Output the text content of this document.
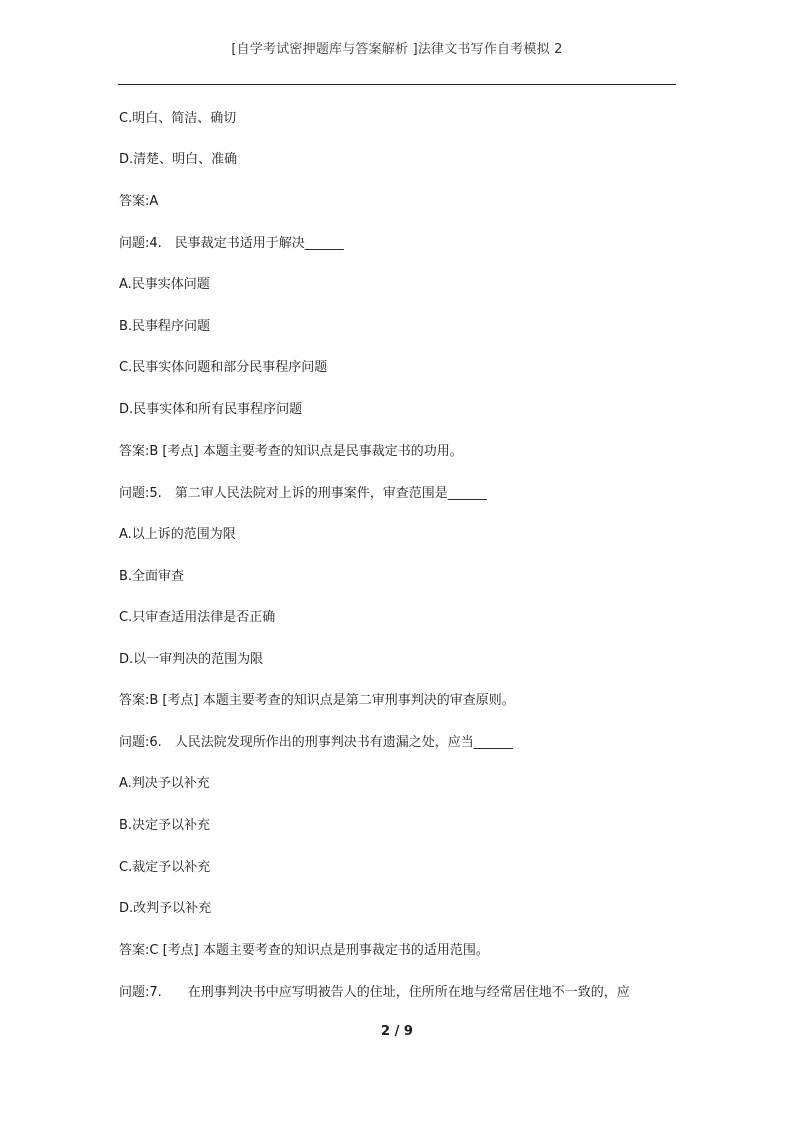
[自学考试密押题库与答案解析 ]法律文书写作自考模拟 2
C.明白、简洁、确切
D.清楚、明白、准确
答案:A
问题:4.　民事裁定书适用于解决______
A.民事实体问题
B.民事程序问题
C.民事实体问题和部分民事程序问题
D.民事实体和所有民事程序问题
答案:B [考点] 本题主要考查的知识点是民事裁定书的功用。
问题:5.　第二审人民法院对上诉的刑事案件，审查范围是______
A.以上诉的范围为限
B.全面审查
C.只审查适用法律是否正确
D.以一审判决的范围为限
答案:B [考点] 本题主要考查的知识点是第二审刑事判决的审查原则。
问题:6.　人民法院发现所作出的刑事判决书有遗漏之处，应当______
A.判决予以补充
B.决定予以补充
C.裁定予以补充
D.改判予以补充
答案:C [考点] 本题主要考查的知识点是刑事裁定书的适用范围。
问题:7.　　在刑事判决书中应写明被告人的住址，住所所在地与经常居住地不一致的，应
2 / 9
